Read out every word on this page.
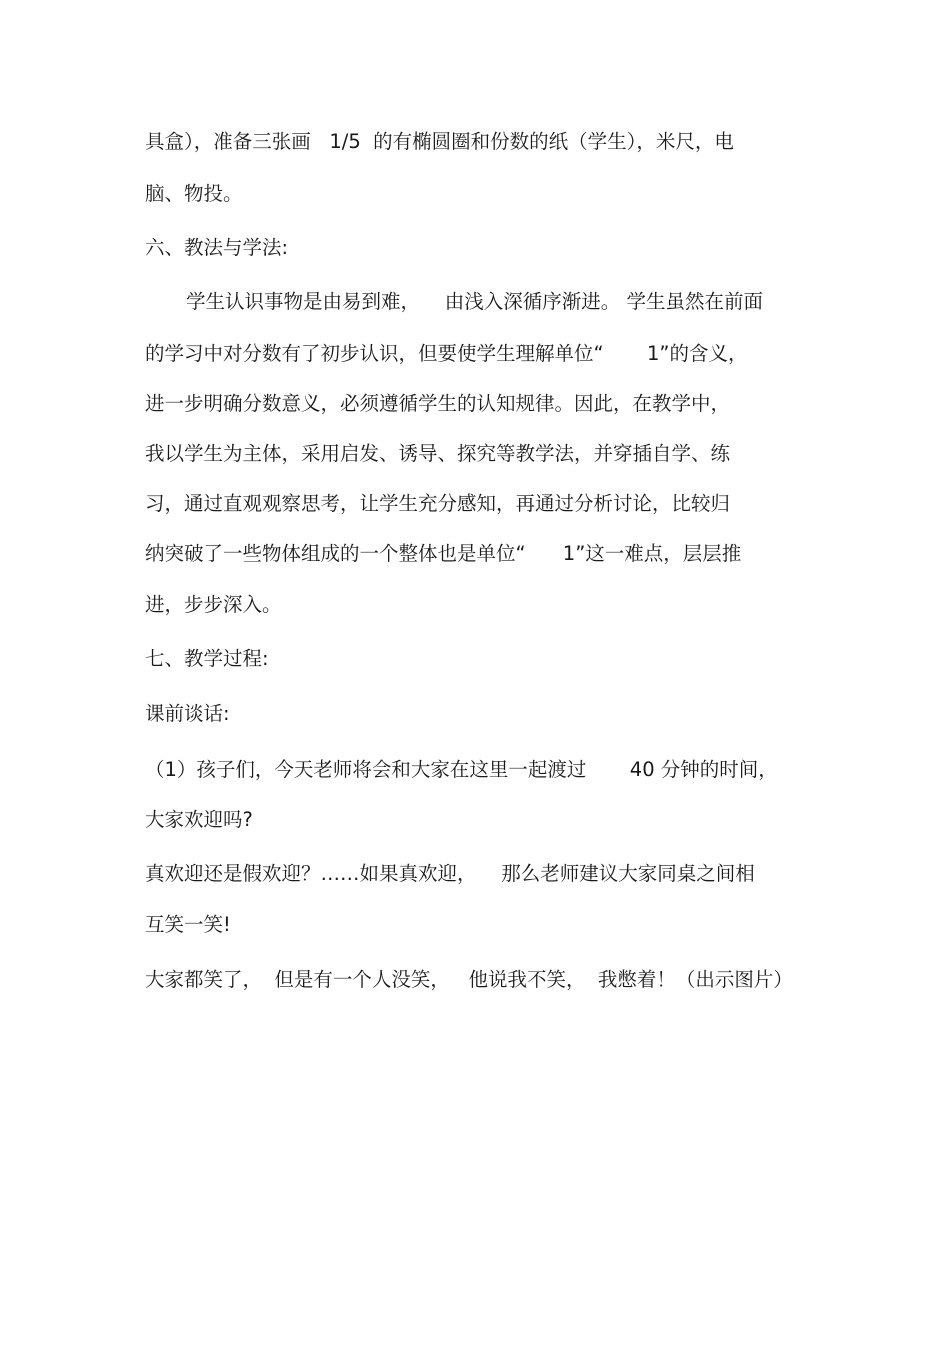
具盒），准备三张画   1/5  的有椭圆圈和份数的纸（学生），米尺，电

脑、物投。

六、教法与学法:

学生认识事物是由易到难，    由浅入深循序渐进。 学生虽然在前面

的学习中对分数有了初步认识，但要使学生理解单位“       1”的含义，

进一步明确分数意义，必须遵循学生的认知规律。因此，在教学中，

我以学生为主体，采用启发、诱导、探究等教学法，并穿插自学、练

习，通过直观观察思考，让学生充分感知，再通过分析讨论，比较归

纳突破了一些物体组成的一个整体也是单位“      1”这一难点，层层推

进，步步深入。

七、教学过程:

课前谈话:

（1）孩子们，今天老师将会和大家在这里一起渡过       40 分钟的时间，

大家欢迎吗?

真欢迎还是假欢迎？……如果真欢迎，    那么老师建议大家同桌之间相

互笑一笑!

大家都笑了，  但是有一个人没笑，   他说我不笑，  我憋着！（出示图片）
